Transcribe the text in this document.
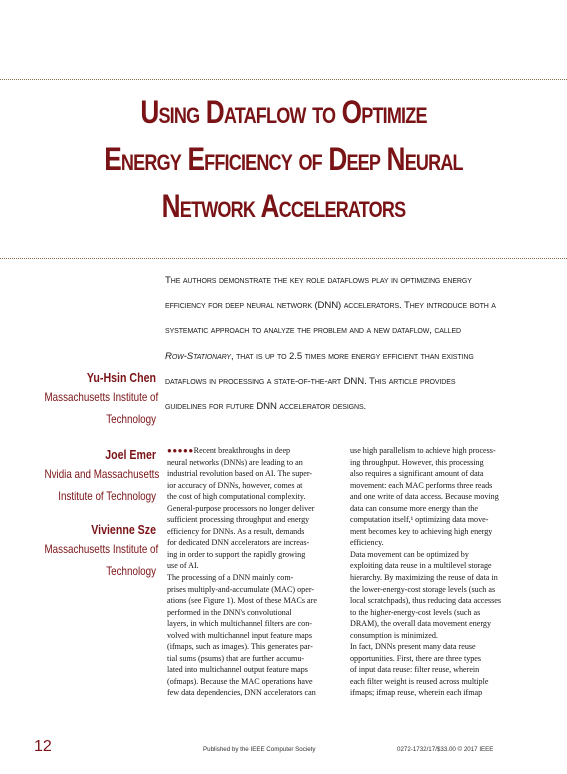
Using Dataflow to Optimize
Energy Efficiency of Deep Neural
Network Accelerators
The authors demonstrate the key role dataflows play in optimizing energy
efficiency for deep neural network (DNN) accelerators. They introduce both a
systematic approach to analyze the problem and a new dataflow, called
Row-Stationary, that is up to 2.5 times more energy efficient than existing
dataflows in processing a state-of-the-art DNN. This article provides
guidelines for future DNN accelerator designs.
Yu-Hsin Chen
Massachusetts Institute of
Technology
Joel Emer
Nvidia and Massachusetts
Institute of Technology
Vivienne Sze
Massachusetts Institute of
Technology
●●●●●Recent breakthroughs in deep
neural networks (DNNs) are leading to an
industrial revolution based on AI. The super-
ior accuracy of DNNs, however, comes at
the cost of high computational complexity.
General-purpose processors no longer deliver
sufficient processing throughput and energy
efficiency for DNNs. As a result, demands
for dedicated DNN accelerators are increas-
ing in order to support the rapidly growing
use of AI.
The processing of a DNN mainly com-
prises multiply-and-accumulate (MAC) oper-
ations (see Figure 1). Most of these MACs are
performed in the DNN's convolutional
layers, in which multichannel filters are con-
volved with multichannel input feature maps
(ifmaps, such as images). This generates par-
tial sums (psums) that are further accumu-
lated into multichannel output feature maps
(ofmaps). Because the MAC operations have
few data dependencies, DNN accelerators can
use high parallelism to achieve high process-
ing throughput. However, this processing
also requires a significant amount of data
movement: each MAC performs three reads
and one write of data access. Because moving
data can consume more energy than the
computation itself,¹ optimizing data move-
ment becomes key to achieving high energy
efficiency.
Data movement can be optimized by
exploiting data reuse in a multilevel storage
hierarchy. By maximizing the reuse of data in
the lower-energy-cost storage levels (such as
local scratchpads), thus reducing data accesses
to the higher-energy-cost levels (such as
DRAM), the overall data movement energy
consumption is minimized.
In fact, DNNs present many data reuse
opportunities. First, there are three types
of input data reuse: filter reuse, wherein
each filter weight is reused across multiple
ifmaps; ifmap reuse, wherein each ifmap
12	Published by the IEEE Computer Society	0272-1732/17/$33.00 © 2017 IEEE
